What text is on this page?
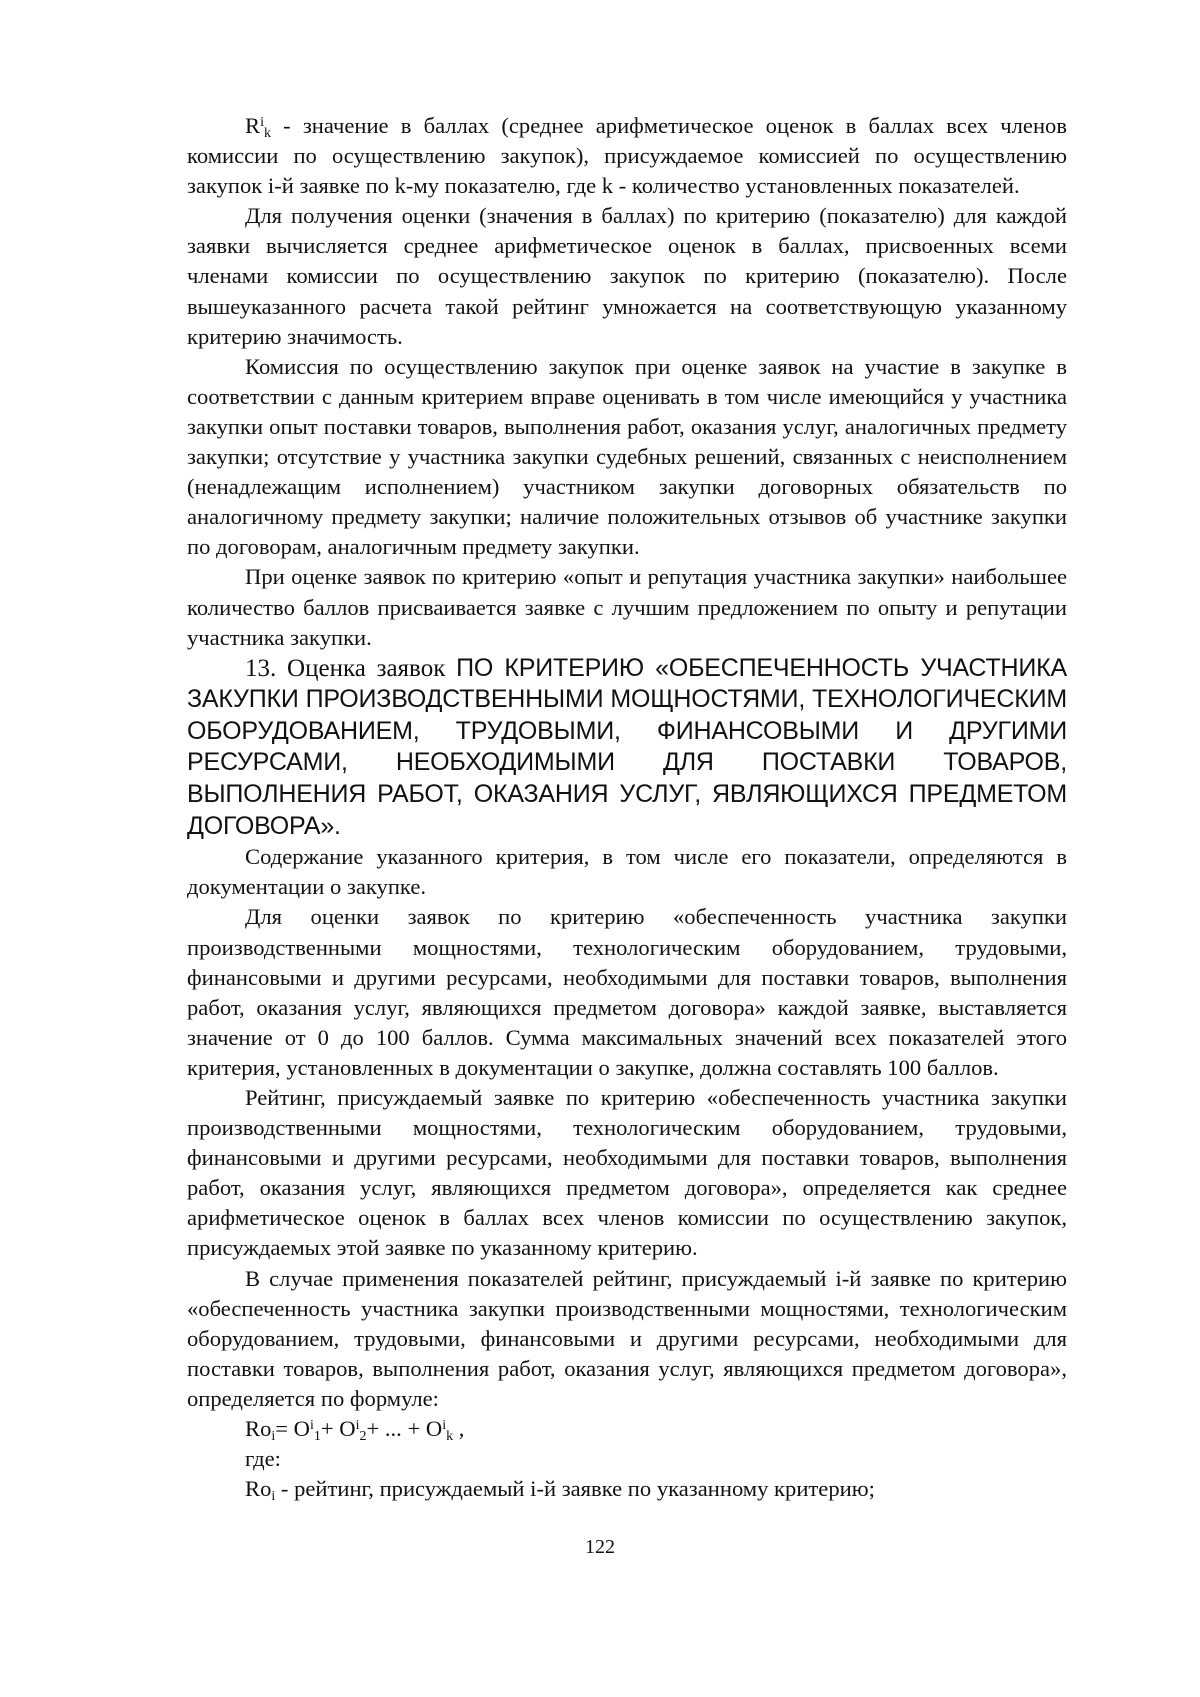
$R^i_k$ - значение в баллах (среднее арифметическое оценок в баллах всех членов комиссии по осуществлению закупок), присуждаемое комиссией по осуществлению закупок i-й заявке по k-му показателю, где k - количество установленных показателей.

Для получения оценки (значения в баллах) по критерию (показателю) для каждой заявки вычисляется среднее арифметическое оценок в баллах, присвоенных всеми членами комиссии по осуществлению закупок по критерию (показателю). После вышеуказанного расчета такой рейтинг умножается на соответствующую указанному критерию значимость.

Комиссия по осуществлению закупок при оценке заявок на участие в закупке в соответствии с данным критерием вправе оценивать в том числе имеющийся у участника закупки опыт поставки товаров, выполнения работ, оказания услуг, аналогичных предмету закупки; отсутствие у участника закупки судебных решений, связанных с неисполнением (ненадлежащим исполнением) участником закупки договорных обязательств по аналогичному предмету закупки; наличие положительных отзывов об участнике закупки по договорам, аналогичным предмету закупки.

При оценке заявок по критерию «опыт и репутация участника закупки» наибольшее количество баллов присваивается заявке с лучшим предложением по опыту и репутации участника закупки.

13. Оценка заявок ПО КРИТЕРИЮ «ОБЕСПЕЧЕННОСТЬ УЧАСТНИКА ЗАКУПКИ ПРОИЗВОДСТВЕННЫМИ МОЩНОСТЯМИ, ТЕХНОЛОГИЧЕСКИМ ОБОРУДОВАНИЕМ, ТРУДОВЫМИ, ФИНАНСОВЫМИ И ДРУГИМИ РЕСУРСАМИ, НЕОБХОДИМЫМИ ДЛЯ ПОСТАВКИ ТОВАРОВ, ВЫПОЛНЕНИЯ РАБОТ, ОКАЗАНИЯ УСЛУГ, ЯВЛЯЮЩИХСЯ ПРЕДМЕТОМ ДОГОВОРА».

Содержание указанного критерия, в том числе его показатели, определяются в документации о закупке.

Для оценки заявок по критерию «обеспеченность участника закупки производственными мощностями, технологическим оборудованием, трудовыми, финансовыми и другими ресурсами, необходимыми для поставки товаров, выполнения работ, оказания услуг, являющихся предметом договора» каждой заявке, выставляется значение от 0 до 100 баллов. Сумма максимальных значений всех показателей этого критерия, установленных в документации о закупке, должна составлять 100 баллов.

Рейтинг, присуждаемый заявке по критерию «обеспеченность участника закупки производственными мощностями, технологическим оборудованием, трудовыми, финансовыми и другими ресурсами, необходимыми для поставки товаров, выполнения работ, оказания услуг, являющихся предметом договора», определяется как среднее арифметическое оценок в баллах всех членов комиссии по осуществлению закупок, присуждаемых этой заявке по указанному критерию.

В случае применения показателей рейтинг, присуждаемый i-й заявке по критерию «обеспеченность участника закупки производственными мощностями, технологическим оборудованием, трудовыми, финансовыми и другими ресурсами, необходимыми для поставки товаров, выполнения работ, оказания услуг, являющихся предметом договора», определяется по формуле:

$Ro_i= O^i_1+ O^i_2+$ ... + $O^i_k$ ,

где:

$Ro_i$ - рейтинг, присуждаемый i-й заявке по указанному критерию;

122
